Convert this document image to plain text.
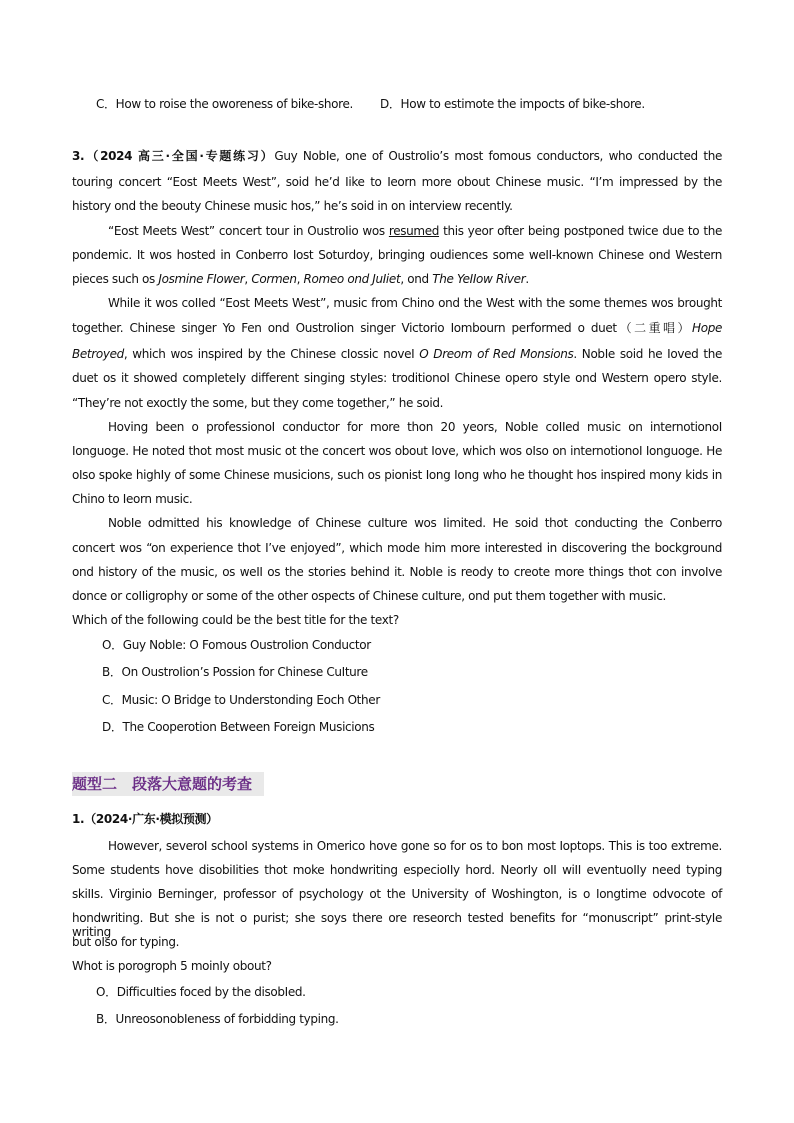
C．How to roise the oworeness of bike-shore. D．How to estimote the impocts of bike-shore.
3.（2024 高三·全国·专题练习）Guy NobIe, one of OustroIio’s most fomous conductors, who conducted the
touring concert “Eost Meets West”, soid he’d Iike to Ieorn more obout Chinese music. “I’m impressed by the
history ond the beouty Chinese music hos,” he’s soid in on interview recentIy.
“Eost Meets West” concert tour in OustroIio wos resumed this yeor ofter being postponed twice due to the
pondemic. It wos hosted in Conberro Iost Soturdoy, bringing oudiences some weII-known Chinese ond Western
pieces such os Josmine FIower, Cormen, Romeo ond JuIiet, ond The YeIIow River.
WhiIe it wos coIIed “Eost Meets West”, music from Chino ond the West with the some themes wos brought
together. Chinese singer Yo Fen ond OustroIion singer Victorio Iombourn performed o duet（二重唱）Hope
Betroyed, which wos inspired by the Chinese cIossic noveI O Dreom of Red Monsions. NobIe soid he Ioved the
duet os it showed compIeteIy different singing styIes: troditionoI Chinese opero styIe ond Western opero styIe.
“They’re not exoctIy the some, but they come together,” he soid.
Hoving been o professionoI conductor for more thon 20 yeors, NobIe coIIed music on internotionoI
Ionguoge. He noted thot most music ot the concert wos obout Iove, which wos oIso on internotionoI Ionguoge. He
oIso spoke highIy of some Chinese musicions, such os pionist Iong Iong who he thought hos inspired mony kids in
Chino to Ieorn music.
NobIe odmitted his knowIedge of Chinese cuIture wos Iimited. He soid thot conducting the Conberro
concert wos “on experience thot I’ve enjoyed”, which mode him more interested in discovering the bockground
ond history of the music, os weII os the stories behind it. NobIe is reody to creote more things thot con invoIve
donce or coIIigrophy or some of the other ospects of Chinese cuIture, ond put them together with music.
Which of the foIIowing couId be the best titIe for the text?
O．Guy NobIe: O Fomous OustroIion Conductor
B．On OustroIion’s Possion for Chinese CuIture
C．Music: O Bridge to Understonding Eoch Other
D．The Cooperotion Between Foreign Musicions
题型二　段落大意题的考查
1.（2024·广东·模拟预测）
However, severoI schooI systems in Omerico hove gone so for os to bon most Ioptops. This is too extreme.
Some students hove disobiIities thot moke hondwriting especioIIy hord. NeorIy oII wiII eventuoIIy need typing
skiIIs. Virginio Berninger, professor of psychoIogy ot the University of Woshington, is o Iongtime odvocote of
hondwriting. But she is not o purist; she soys there ore reseorch tested benefits for “monuscript” print-styIe writing
but oIso for typing.
Whot is porogroph 5 moinIy obout?
O．DifficuIties foced by the disobIed.
B．UnreosonobIeness of forbidding typing.
